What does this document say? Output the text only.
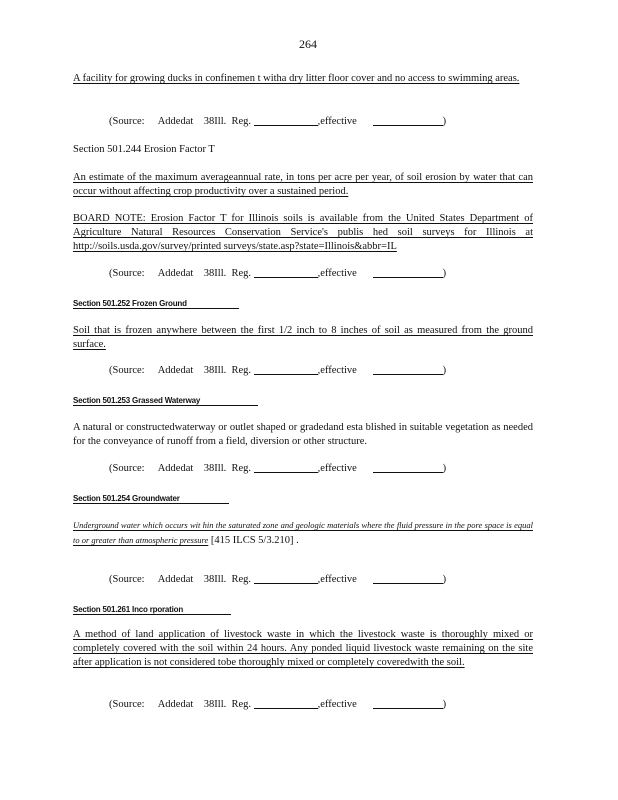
264
A facility for growing ducks in confinemen t witha dry litter floor cover and no access to swimming areas.
(Source: Addedat 38Ill. Reg.	,effective	)
Section 501.244 Erosion Factor T
An estimate of the maximum averageannual rate, in tons per acre per year, of soil erosion by water that can occur without affecting crop productivity over a sustained period.
BOARD NOTE: Erosion Factor T for Illinois soils is available from the United States Department of Agriculture Natural Resources Conservation Service's publis hed soil surveys for Illinois at http://soils.usda.gov/survey/printed surveys/state.asp?state=Illinois&abbr=IL
(Source: Addedat 38Ill. Reg.	,effective	)
Section 501.252 Frozen Ground
Soil that is frozen anywhere between the first 1/2 inch to 8 inches of soil as measured from the ground surface.
(Source: Addedat 38Ill. Reg.	,effective	)
Section 501.253 Grassed Waterway
A natural or constructedwaterway or outlet shaped or gradedand esta blished in suitable vegetation as needed for the conveyance of runoff from a field, diversion or other structure.
(Source: Addedat 38Ill. Reg.	,effective	)
Section 501.254 Groundwater
Underground water which occurs wit hin the saturated zone and geologic materials where the fluid pressure in the pore space is equal to or greater than atmospheric pressure [415 ILCS 5/3.210] .
(Source: Addedat 38Ill. Reg.	,effective	)
Section 501.261 Inco rporation
A method of land application of livestock waste in which the livestock waste is thoroughly mixed or completely covered with the soil within 24 hours. Any ponded liquid livestock waste remaining on the site after application is not considered tobe thoroughly mixed or completely coveredwith the soil.
(Source: Addedat 38Ill. Reg.	,effective	)
